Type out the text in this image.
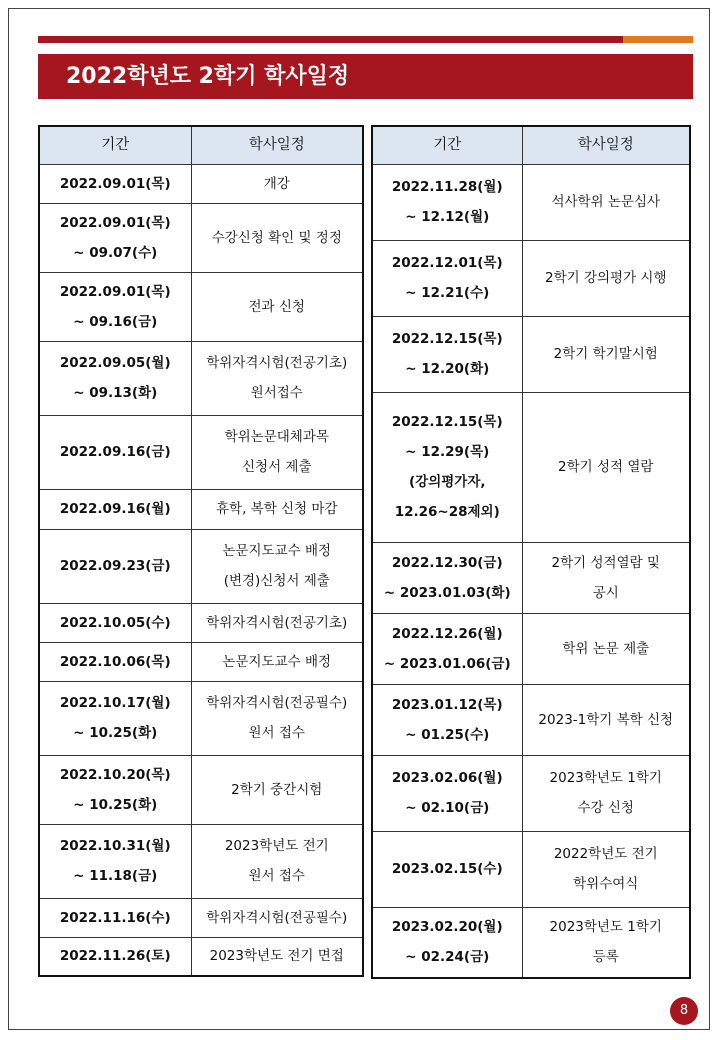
2022학년도 2학기 학사일정
기간	학사일정

2022.09.01(목)	개강

2022.09.01(목)
~ 09.07(수)	수강신청 확인 및 정정

2022.09.01(목)
~ 09.16(금)	전과 신청

2022.09.05(월)
~ 09.13(화)	학위자격시험(전공기초)
원서접수

2022.09.16(금)	학위논문대체과목
신청서 제출

2022.09.16(월)	휴학, 복학 신청 마감

2022.09.23(금)	논문지도교수 배정
(변경)신청서 제출

2022.10.05(수)	학위자격시험(전공기초)

2022.10.06(목)	논문지도교수 배정

2022.10.17(월)
~ 10.25(화)	학위자격시험(전공필수)
원서 접수

2022.10.20(목)
~ 10.25(화)	2학기 중간시험

2022.10.31(월)
~ 11.18(금)	2023학년도 전기
원서 접수

2022.11.16(수)	학위자격시험(전공필수)

2022.11.26(토)	2023학년도 전기 면접
기간	학사일정

2022.11.28(월)
~ 12.12(월)	석사학위 논문심사

2022.12.01(목)
~ 12.21(수)	2학기 강의평가 시행

2022.12.15(목)
~ 12.20(화)	2학기 학기말시험

2022.12.15(목)
~ 12.29(목)
(강의평가자,
12.26~28제외)	2학기 성적 열람

2022.12.30(금)
~ 2023.01.03(화)	2학기 성적열람 및
공시

2022.12.26(월)
~ 2023.01.06(금)	학위 논문 제출

2023.01.12(목)
~ 01.25(수)	2023-1학기 복학 신청

2023.02.06(월)
~ 02.10(금)	2023학년도 1학기
수강 신청

2023.02.15(수)	2022학년도 전기
학위수여식

2023.02.20(월)
~ 02.24(금)	2023학년도 1학기
등록
8
